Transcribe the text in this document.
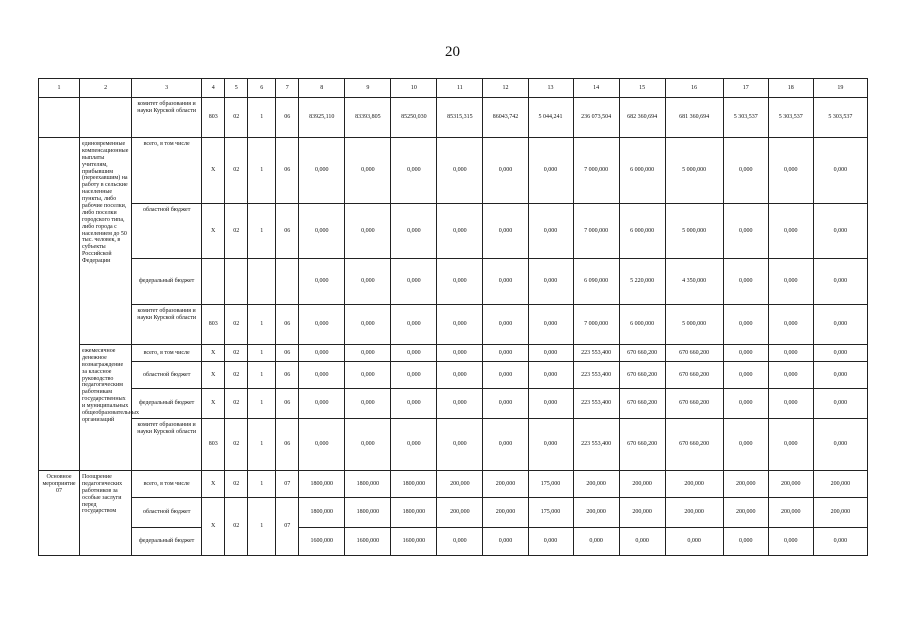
20
1	2	3	4	5	6	7	8	9	10	11	12	13	14	15	16	17	18	19
		комитет образования и науки Курской области	803	02	1	06	83925,110	83393,805	85250,030	85315,315	86043,742	5 044,241	236 073,504	682 360,694	681 360,694	5 303,537	5 303,537	5 303,537
	единовременные компенсационные выплаты учителям, прибывшим (переехавшим) на работу в сельские населенные пункты, либо рабочие поселки, либо поселки городского типа, либо города с населением до 50 тыс. человек, в субъекты Российской Федерации	всего, в том числе	X	02	1	06	0,000	0,000	0,000	0,000	0,000	0,000	7 000,000	6 000,000	5 000,000	0,000	0,000	0,000
		областной бюджет	X	02	1	06	0,000	0,000	0,000	0,000	0,000	0,000	7 000,000	6 000,000	5 000,000	0,000	0,000	0,000
		федеральный бюджет					0,000	0,000	0,000	0,000	0,000	0,000	6 090,000	5 220,000	4 350,000	0,000	0,000	0,000
		комитет образования и науки Курской области	803	02	1	06	0,000	0,000	0,000	0,000	0,000	0,000	7 000,000	6 000,000	5 000,000	0,000	0,000	0,000
	ежемесячное денежное вознаграждение за классное руководство педагогическим работникам государственных и муниципальных общеобразовательных организаций	всего, в том числе	X	02	1	06	0,000	0,000	0,000	0,000	0,000	0,000	223 553,400	670 660,200	670 660,200	0,000	0,000	0,000
		областной бюджет	X	02	1	06	0,000	0,000	0,000	0,000	0,000	0,000	223 553,400	670 660,200	670 660,200	0,000	0,000	0,000
		федеральный бюджет	X	02	1	06	0,000	0,000	0,000	0,000	0,000	0,000	223 553,400	670 660,200	670 660,200	0,000	0,000	0,000
		комитет образования и науки Курской области	803	02	1	06	0,000	0,000	0,000	0,000	0,000	0,000	223 553,400	670 660,200	670 660,200	0,000	0,000	0,000
Основное мероприятие 07	Поощрение педагогических работников за особые заслуги перед государством	всего, в том числе	X	02	1	07	1800,000	1800,000	1800,000	200,000	200,000	175,000	200,000	200,000	200,000	200,000	200,000	200,000
		областной бюджет	X	02	1	07	1800,000	1800,000	1800,000	200,000	200,000	175,000	200,000	200,000	200,000	200,000	200,000	200,000
		федеральный бюджет					1600,000	1600,000	1600,000	0,000	0,000	0,000	0,000	0,000	0,000	0,000	0,000	0,000
